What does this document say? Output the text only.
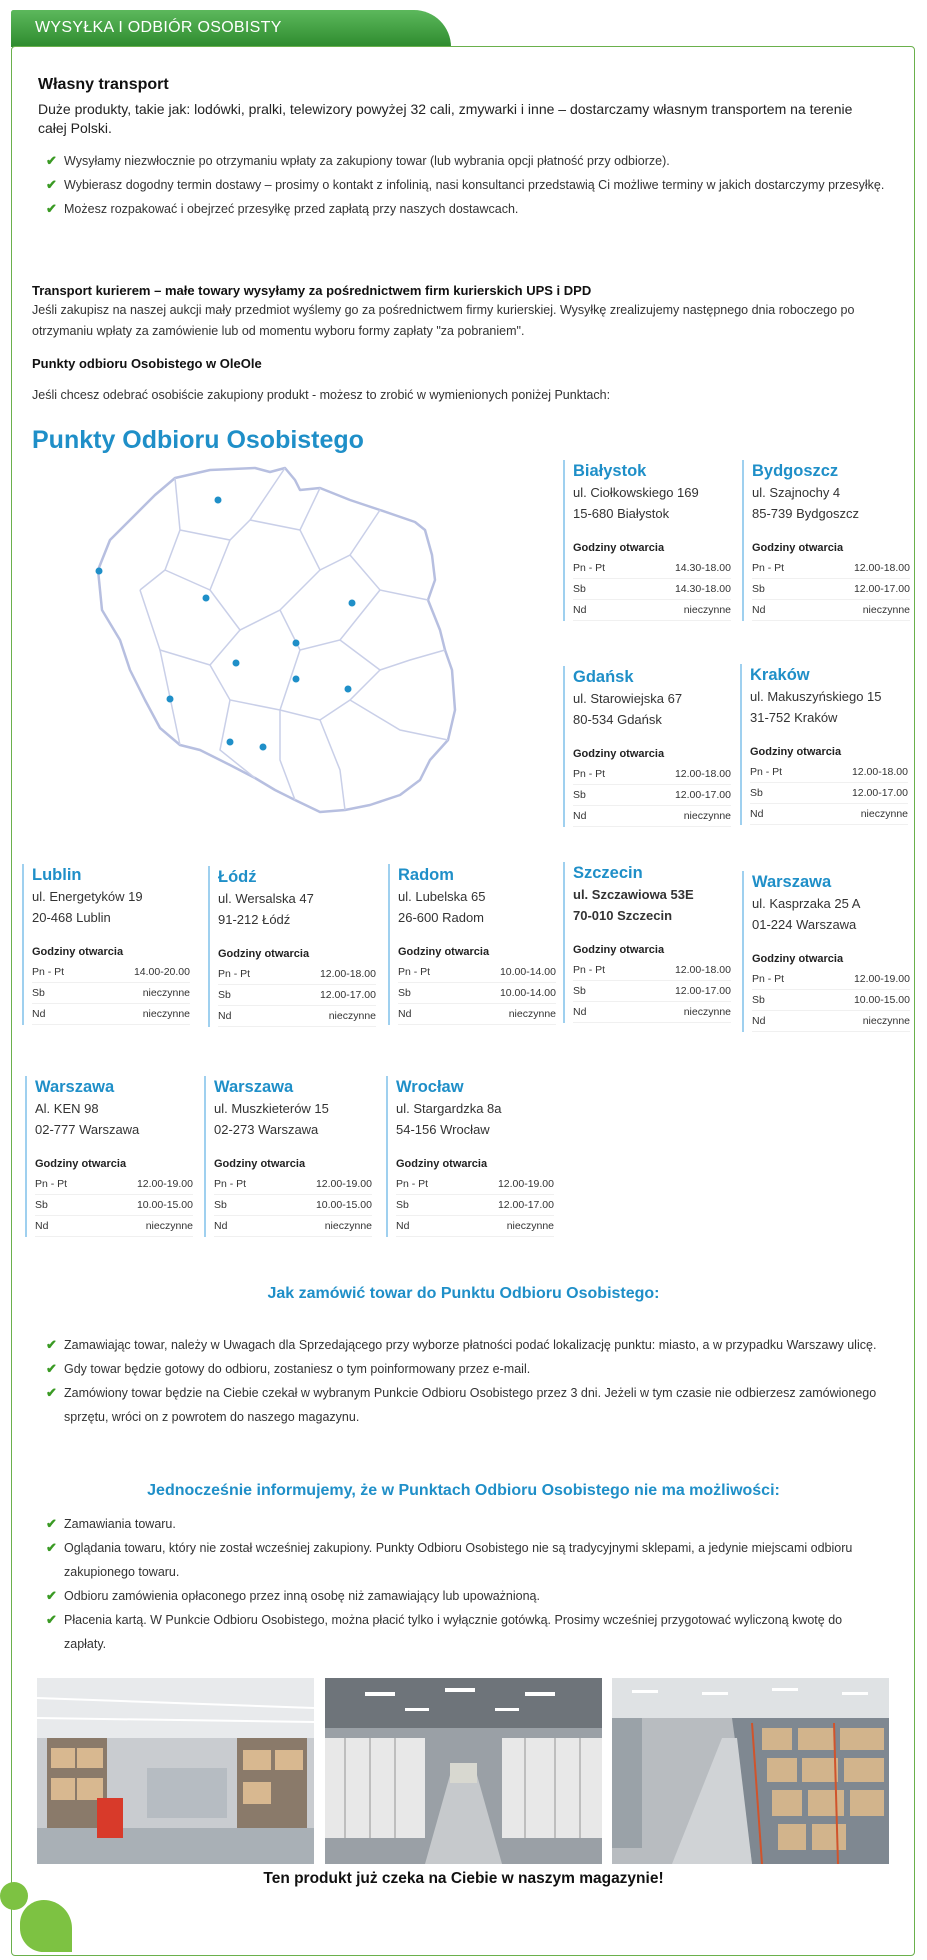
WYSYŁKA I ODBIÓR OSOBISTY
Własny transport
Duże produkty, takie jak: lodówki, pralki, telewizory powyżej 32 cali, zmywarki i inne – dostarczamy własnym transportem na terenie całej Polski.
✔ Wysyłamy niezwłocznie po otrzymaniu wpłaty za zakupiony towar (lub wybrania opcji płatność przy odbiorze).
✔ Wybierasz dogodny termin dostawy – prosimy o kontakt z infolinią, nasi konsultanci przedstawią Ci możliwe terminy w jakich dostarczymy przesyłkę.
✔ Możesz rozpakować i obejrzeć przesyłkę przed zapłatą przy naszych dostawcach.
Transport kurierem – małe towary wysyłamy za pośrednictwem firm kurierskich UPS i DPD
Jeśli zakupisz na naszej aukcji mały przedmiot wyślemy go za pośrednictwem firmy kurierskiej. Wysyłkę zrealizujemy następnego dnia roboczego po otrzymaniu wpłaty za zamówienie lub od momentu wyboru formy zapłaty "za pobraniem".
Punkty odbioru Osobistego w OleOle
Jeśli chcesz odebrać osobiście zakupiony produkt - możesz to zrobić w wymienionych poniżej Punktach:
Punkty Odbioru Osobistego
Białystok
ul. Ciołkowskiego 169
15-680 Białystok
Godziny otwarcia
Pn - Pt	14.30-18.00
Sb	14.30-18.00
Nd	nieczynne
Bydgoszcz
ul. Szajnochy 4
85-739 Bydgoszcz
Godziny otwarcia
Pn - Pt	12.00-18.00
Sb	12.00-17.00
Nd	nieczynne
Gdańsk
ul. Starowiejska 67
80-534 Gdańsk
Godziny otwarcia
Pn - Pt	12.00-18.00
Sb	12.00-17.00
Nd	nieczynne
Kraków
ul. Makuszyńskiego 15
31-752 Kraków
Godziny otwarcia
Pn - Pt	12.00-18.00
Sb	12.00-17.00
Nd	nieczynne
Lublin
ul. Energetyków 19
20-468 Lublin
Godziny otwarcia
Pn - Pt	14.00-20.00
Sb	nieczynne
Nd	nieczynne
Łódź
ul. Wersalska 47
91-212 Łódź
Godziny otwarcia
Pn - Pt	12.00-18.00
Sb	12.00-17.00
Nd	nieczynne
Radom
ul. Lubelska 65
26-600 Radom
Godziny otwarcia
Pn - Pt	10.00-14.00
Sb	10.00-14.00
Nd	nieczynne
Szczecin
ul. Szczawiowa 53E
70-010 Szczecin
Godziny otwarcia
Pn - Pt	12.00-18.00
Sb	12.00-17.00
Nd	nieczynne
Warszawa
ul. Kasprzaka 25 A
01-224 Warszawa
Godziny otwarcia
Pn - Pt	12.00-19.00
Sb	10.00-15.00
Nd	nieczynne
Warszawa
Al. KEN 98
02-777 Warszawa
Godziny otwarcia
Pn - Pt	12.00-19.00
Sb	10.00-15.00
Nd	nieczynne
Warszawa
ul. Muszkieterów 15
02-273 Warszawa
Godziny otwarcia
Pn - Pt	12.00-19.00
Sb	10.00-15.00
Nd	nieczynne
Wrocław
ul. Stargardzka 8a
54-156 Wrocław
Godziny otwarcia
Pn - Pt	12.00-19.00
Sb	12.00-17.00
Nd	nieczynne
Jak zamówić towar do Punktu Odbioru Osobistego:
✔ Zamawiając towar, należy w Uwagach dla Sprzedającego przy wyborze płatności podać lokalizację punktu: miasto, a w przypadku Warszawy ulicę.
✔ Gdy towar będzie gotowy do odbioru, zostaniesz o tym poinformowany przez e-mail.
✔ Zamówiony towar będzie na Ciebie czekał w wybranym Punkcie Odbioru Osobistego przez 3 dni. Jeżeli w tym czasie nie odbierzesz zamówionego sprzętu, wróci on z powrotem do naszego magazynu.
Jednocześnie informujemy, że w Punktach Odbioru Osobistego nie ma możliwości:
✔ Zamawiania towaru.
✔ Oglądania towaru, który nie został wcześniej zakupiony. Punkty Odbioru Osobistego nie są tradycyjnymi sklepami, a jedynie miejscami odbioru zakupionego towaru.
✔ Odbioru zamówienia opłaconego przez inną osobę niż zamawiający lub upoważnioną.
✔ Płacenia kartą. W Punkcie Odbioru Osobistego, można płacić tylko i wyłącznie gotówką. Prosimy wcześniej przygotować wyliczoną kwotę do zapłaty.
Ten produkt już czeka na Ciebie w naszym magazynie!
